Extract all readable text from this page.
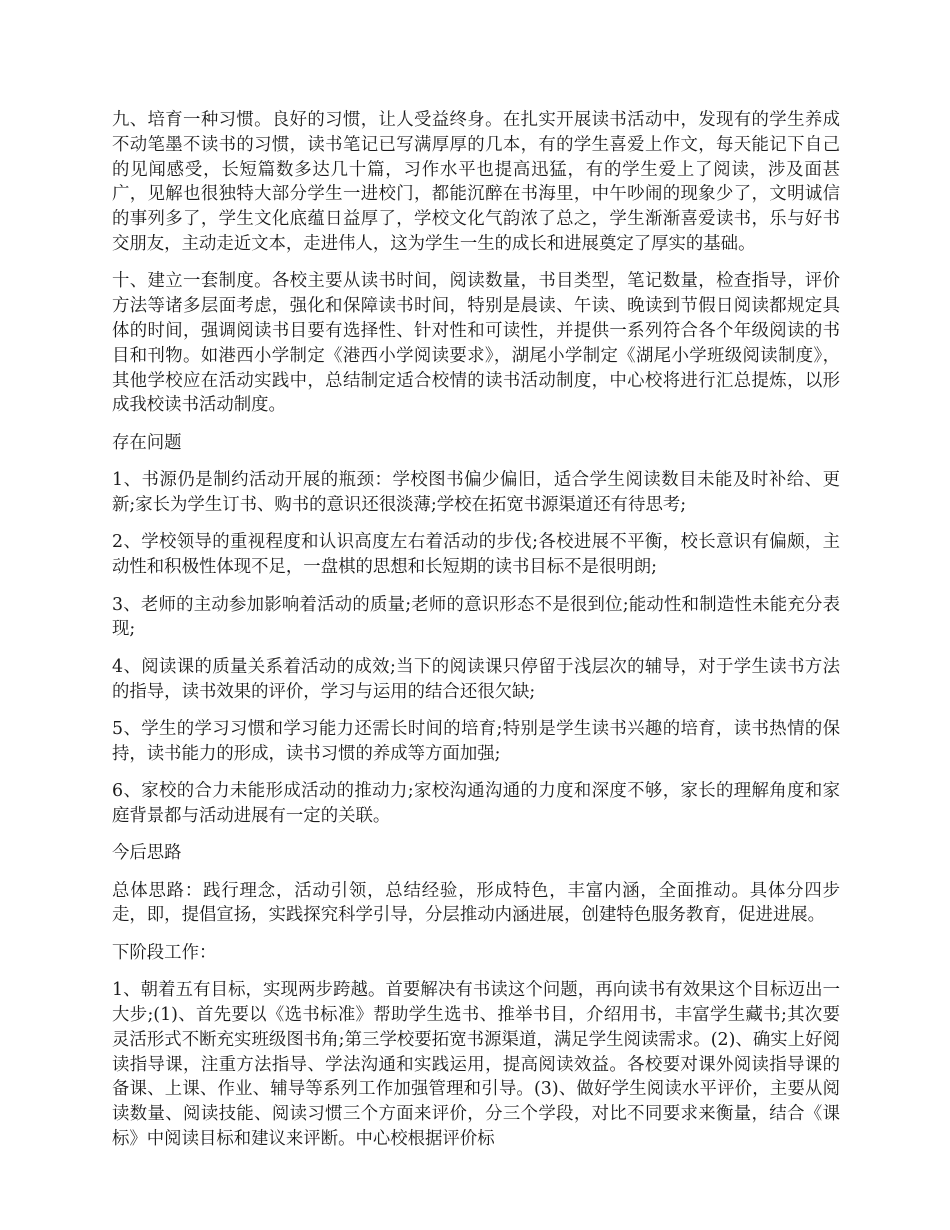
九、培育一种习惯。良好的习惯，让人受益终身。在扎实开展读书活动中，发现有的学生养成不动笔墨不读书的习惯，读书笔记已写满厚厚的几本，有的学生喜爱上作文，每天能记下自己的见闻感受，长短篇数多达几十篇，习作水平也提高迅猛，有的学生爱上了阅读，涉及面甚广，见解也很独特大部分学生一进校门，都能沉醉在书海里，中午吵闹的现象少了，文明诚信的事列多了，学生文化底蕴日益厚了，学校文化气韵浓了总之，学生渐渐喜爱读书，乐与好书交朋友，主动走近文本，走进伟人，这为学生一生的成长和进展奠定了厚实的基础。

十、建立一套制度。各校主要从读书时间，阅读数量，书目类型，笔记数量，检查指导，评价方法等诸多层面考虑，强化和保障读书时间，特别是晨读、午读、晚读到节假日阅读都规定具体的时间，强调阅读书目要有选择性、针对性和可读性，并提供一系列符合各个年级阅读的书目和刊物。如港西小学制定《港西小学阅读要求》，湖尾小学制定《湖尾小学班级阅读制度》，其他学校应在活动实践中，总结制定适合校情的读书活动制度，中心校将进行汇总提炼，以形成我校读书活动制度。

存在问题

1、书源仍是制约活动开展的瓶颈：学校图书偏少偏旧，适合学生阅读数目未能及时补给、更新;家长为学生订书、购书的意识还很淡薄;学校在拓宽书源渠道还有待思考;

2、学校领导的重视程度和认识高度左右着活动的步伐;各校进展不平衡，校长意识有偏颇，主动性和积极性体现不足，一盘棋的思想和长短期的读书目标不是很明朗;

3、老师的主动参加影响着活动的质量;老师的意识形态不是很到位;能动性和制造性未能充分表现;

4、阅读课的质量关系着活动的成效;当下的阅读课只停留于浅层次的辅导，对于学生读书方法的指导，读书效果的评价，学习与运用的结合还很欠缺;

5、学生的学习习惯和学习能力还需长时间的培育;特别是学生读书兴趣的培育，读书热情的保持，读书能力的形成，读书习惯的养成等方面加强;

6、家校的合力未能形成活动的推动力;家校沟通沟通的力度和深度不够，家长的理解角度和家庭背景都与活动进展有一定的关联。

今后思路

总体思路：践行理念，活动引领，总结经验，形成特色，丰富内涵，全面推动。具体分四步走，即，提倡宣扬，实践探究科学引导，分层推动内涵进展，创建特色服务教育，促进进展。

下阶段工作：

1、朝着五有目标，实现两步跨越。首要解决有书读这个问题，再向读书有效果这个目标迈出一大步;(1)、首先要以《选书标准》帮助学生选书、推举书目，介绍用书，丰富学生藏书;其次要灵活形式不断充实班级图书角;第三学校要拓宽书源渠道，满足学生阅读需求。(2)、确实上好阅读指导课，注重方法指导、学法沟通和实践运用，提高阅读效益。各校要对课外阅读指导课的备课、上课、作业、辅导等系列工作加强管理和引导。(3)、做好学生阅读水平评价，主要从阅读数量、阅读技能、阅读习惯三个方面来评价，分三个学段，对比不同要求来衡量，结合《课标》中阅读目标和建议来评断。中心校根据评价标
